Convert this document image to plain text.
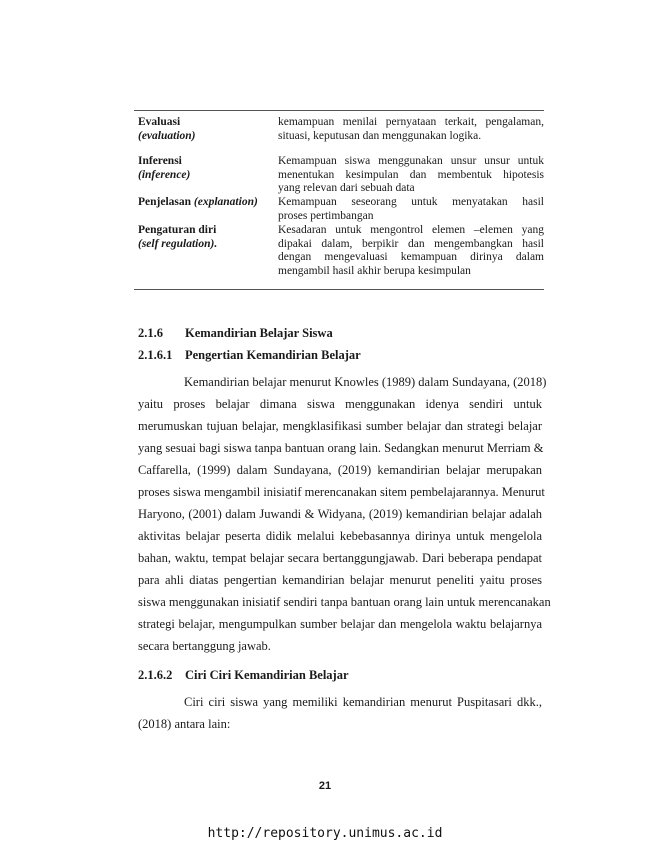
Evaluasi
(evaluation)
kemampuan menilai pernyataan terkait, pengalaman,
situasi, keputusan dan menggunakan logika.
Inferensi
(inference)
Kemampuan siswa menggunakan unsur unsur untuk
menentukan kesimpulan dan membentuk hipotesis
yang relevan dari sebuah data
Penjelasan (explanation)	Kemampuan seseorang untuk menyatakan hasil
proses pertimbangan
Pengaturan diri
(self regulation).
Kesadaran untuk mengontrol elemen –elemen yang
dipakai dalam, berpikir dan mengembangkan hasil
dengan mengevaluasi kemampuan dirinya dalam
mengambil hasil akhir berupa kesimpulan
2.1.6 Kemandirian Belajar Siswa
2.1.6.1 Pengertian Kemandirian Belajar
Kemandirian belajar menurut Knowles (1989) dalam Sundayana, (2018)
yaitu proses belajar dimana siswa menggunakan idenya sendiri untuk
merumuskan tujuan belajar, mengklasifikasi sumber belajar dan strategi belajar
yang sesuai bagi siswa tanpa bantuan orang lain. Sedangkan menurut Merriam &
Caffarella, (1999) dalam Sundayana, (2019) kemandirian belajar merupakan
proses siswa mengambil inisiatif merencanakan sitem pembelajarannya. Menurut
Haryono, (2001) dalam Juwandi & Widyana, (2019) kemandirian belajar adalah
aktivitas belajar peserta didik melalui kebebasannya dirinya untuk mengelola
bahan, waktu, tempat belajar secara bertanggungjawab. Dari beberapa pendapat
para ahli diatas pengertian kemandirian belajar menurut peneliti yaitu proses
siswa menggunakan inisiatif sendiri tanpa bantuan orang lain untuk merencanakan
strategi belajar, mengumpulkan sumber belajar dan mengelola waktu belajarnya
secara bertanggung jawab.
2.1.6.2 Ciri Ciri Kemandirian Belajar
Ciri ciri siswa yang memiliki kemandirian menurut Puspitasari dkk.,
(2018) antara lain:
21
http://repository.unimus.ac.id
